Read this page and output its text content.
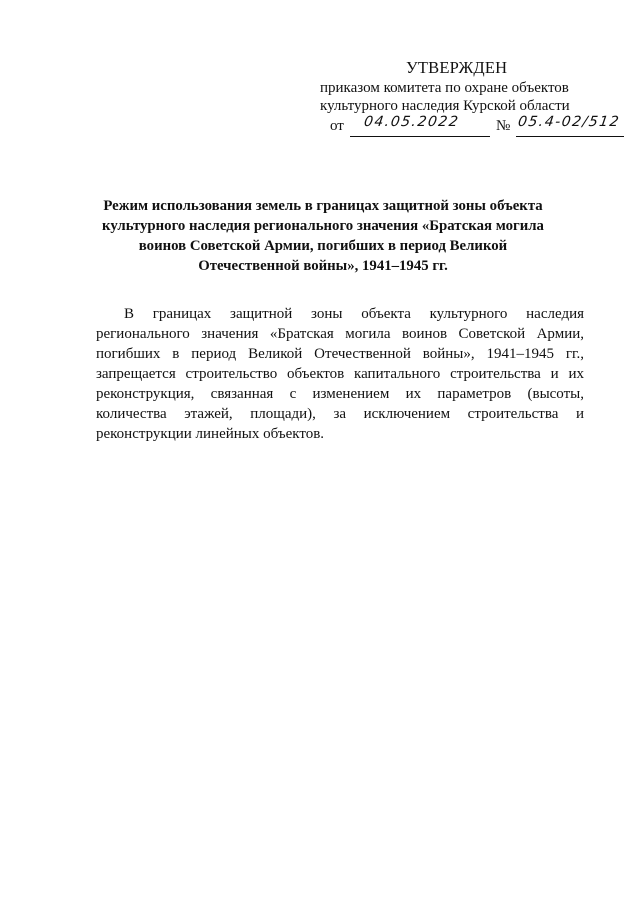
УТВЕРЖДЕН
приказом комитета по охране объектов
культурного наследия Курской области
от 04.05.2022 № 05.4-02/512
Режим использования земель в границах защитной зоны объекта
культурного наследия регионального значения «Братская могила
воинов Советской Армии, погибших в период Великой
Отечественной войны», 1941–1945 гг.
В границах защитной зоны объекта культурного наследия
регионального значения «Братская могила воинов Советской Армии,
погибших в период Великой Отечественной войны», 1941–1945 гг.,
запрещается строительство объектов капитального строительства и их
реконструкция, связанная с изменением их параметров (высоты,
количества этажей, площади), за исключением строительства и
реконструкции линейных объектов.
